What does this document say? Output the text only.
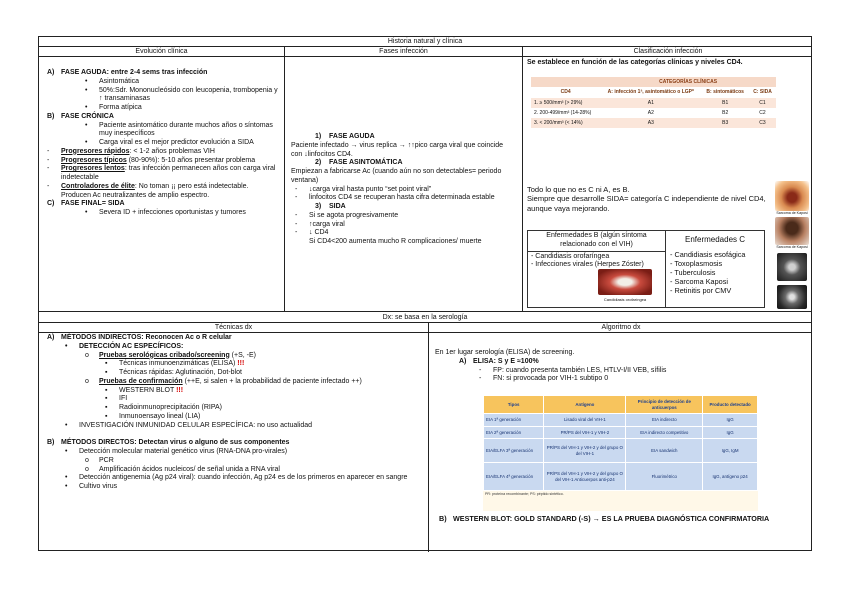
Historia natural y clínica
Evolución clínica	Fases infección	Clasificación infección
A) FASE AGUDA: entre 2-4 sems tras infección
• Asintomática
• 50%:Sdr. Mononucleósido con leucopenia, trombopenia y ↑ transaminasas
• Forma atípica
B) FASE CRÓNICA
• Paciente asintomático durante muchos años o síntomas muy inespecíficos
• Carga viral es el mejor predictor evolución a SIDA
- Progresores rápidos: < 1-2 años problemas VIH
- Progresores típicos (80-90%): 5-10 años presentar problema
- Progresores lentos: tras infección permanecen años con carga viral indetectable
- Controladores de élite: No toman ¡¡ pero está indetectable. Producen Ac neutralizantes de amplio espectro.
C) FASE FINAL= SIDA
• Severa ID + infecciones oportunistas y tumores
1) FASE AGUDA
Paciente infectado → virus replica → ↑↑pico carga viral que coincide con ↓linfocitos CD4.
2) FASE ASINTOMÁTICA
Empiezan a fabricarse Ac (cuando aún no son detectables= periodo ventana)
- ↓carga viral hasta punto “set point viral”
- linfocitos CD4 se recuperan hasta cifra determinada estable
3) SIDA
- Si se agota progresivamente
- ↑carga viral
- ↓ CD4
Si CD4<200 aumenta mucho R complicaciones/ muerte
Se establece en función de las categorías clínicas y niveles CD4.
	CATEGORÍAS CLÍNICAS		
CD4	A: infección 1ª, asintomático o LGP*	B: sintomáticos	C: SIDA
1. ≥ 500/mm³ (> 29%)	A1	B1	C1
2. 200-499/mm³ (14-28%)	A2	B2	C2
3. < 200/mm³ (< 14%)	A3	B3	C3
Todo lo que no es C ni A, es B.
Siempre que desarrolle SIDA= categoría C independiente de nivel CD4, aunque vaya mejorando.
Enfermedades B (algún síntoma relacionado con el VIH)
- Candidiasis orofaríngea
- Infecciones virales (Herpes Zóster)
Candidiasis orofaríngea
Enfermedades C
- Candidiasis esofágica
- Toxoplasmosis
- Tuberculosis
- Sarcoma Kaposi
- Retinitis por CMV
Sarcoma de Kaposi
Sarcoma de Kaposi
Dx: se basa en la serología
Técnicas dx	Algoritmo dx
A) MÉTODOS INDIRECTOS: Reconocen Ac o R celular
• DETECCIÓN AC ESPECÍFICOS:
o Pruebas serológicas cribado/screening (+S, -E)
▪ Técnicas inmunoenzimáticas (ELISA) !!!
▪ Técnicas rápidas: Aglutinación, Dot-blot
o Pruebas de confirmación (++E, si salen + la probabilidad de paciente infectado ++)
▪ WESTERN BLOT !!!
▪ IFI
▪ Radioinmunoprecipitación (RIPA)
▪ Inmunoensayo lineal (LIA)
• INVESTIGACIÓN INMUNIDAD CELULAR ESPECÍFICA: no uso actualidad
B) MÉTODOS DIRECTOS: Detectan virus o alguno de sus componentes
• Detección molecular material genético virus (RNA-DNA pro-virales)
o PCR
o Amplificación ácidos nucleicos/ de señal unida a RNA viral
• Detección antigenemia (Ag p24 viral): cuando infección, Ag p24 es de los primeros en aparecer en sangre
• Cultivo virus
En 1er lugar serología (ELISA) de screening.
A) ELISA: S y E ≈100%
- FP: cuando presenta también LES, HTLV-I/II VEB, sífilis
- FN: si provocada por VIH-1 subtipo 0
Tipos	Antígeno	Principio de detección de anticuerpos	Producto detectado
EIA 1ª generación	Lisado viral del VIH-1	EIA indirecto	IgG
EIA 2ª generación	PR/PS del VIH-1 y VIH-2	EIA indirecto competitivo	IgG
EIA/ELFA 3ª generación	PR/PS del VIH-1 y VIH-2 y del grupo O del VIH-1	EIA sandwich	IgG, IgM
EIA/ELFA 4ª generación	PR/PS del VIH-1 y VIH-2 y del grupo O del VIH-1 Anticuerpos anti-p24	Fluorimétrico	IgG, antígeno p24
PR: proteína recombinante; PS: péptido sintético.
B) WESTERN BLOT: GOLD STANDARD (-S) → ES LA PRUEBA DIAGNÓSTICA CONFIRMATORIA
